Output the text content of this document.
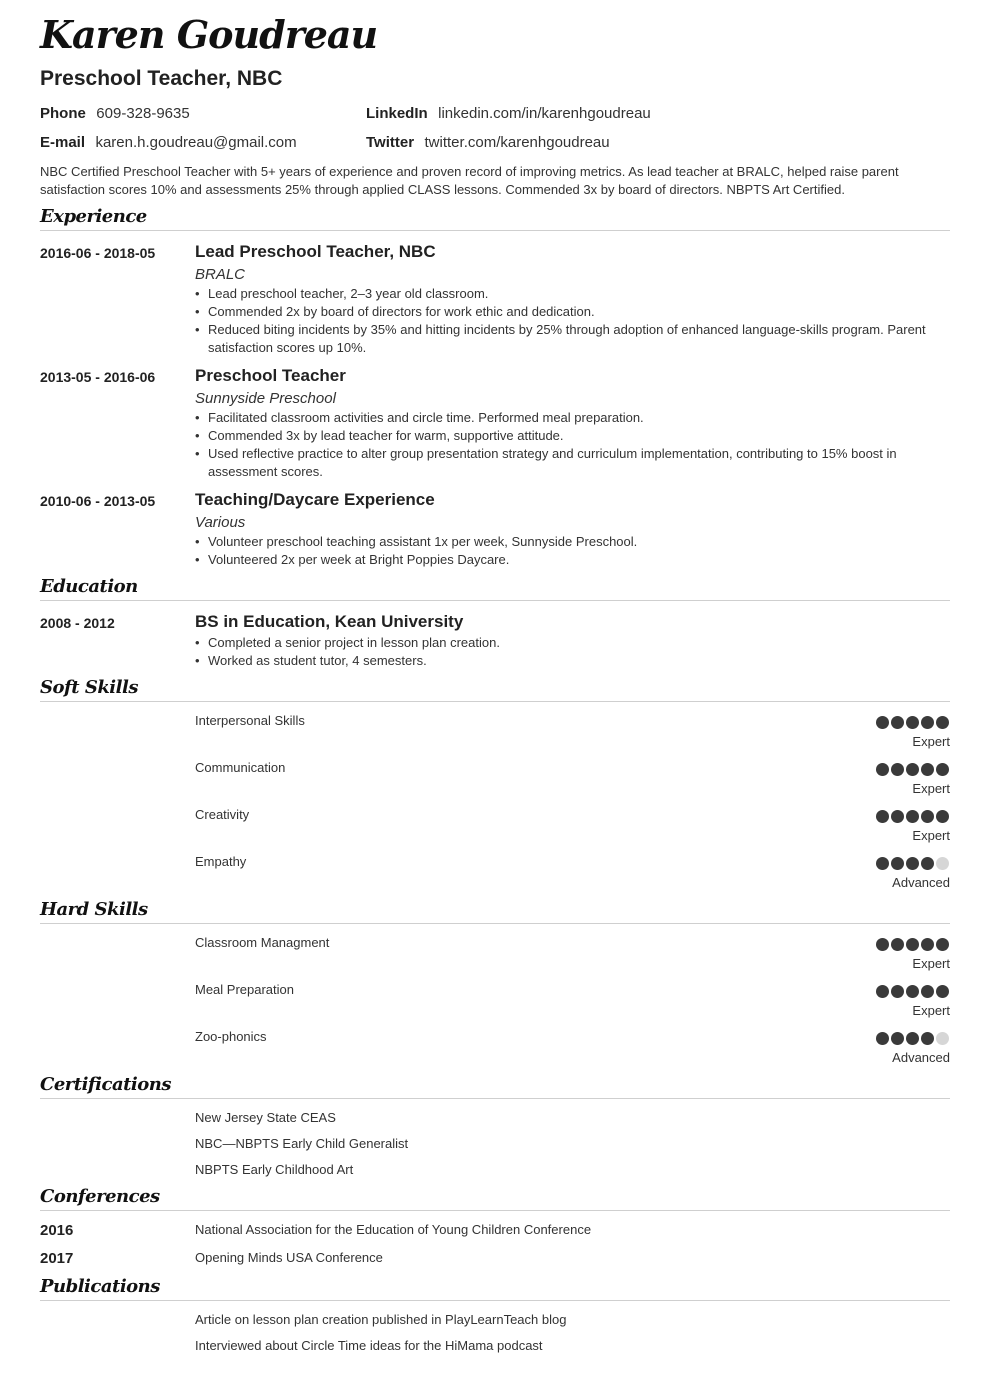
Karen Goudreau
Preschool Teacher, NBC
Phone 609-328-9635	LinkedIn linkedin.com/in/karenhgoudreau
E-mail karen.h.goudreau@gmail.com	Twitter twitter.com/karenhgoudreau
NBC Certified Preschool Teacher with 5+ years of experience and proven record of improving metrics. As lead teacher at BRALC, helped raise parent satisfaction scores 10% and assessments 25% through applied CLASS lessons. Commended 3x by board of directors. NBPTS Art Certified.
Experience
2016-06 - 2018-05 Lead Preschool Teacher, NBC
BRALC
• Lead preschool teacher, 2–3 year old classroom.
• Commended 2x by board of directors for work ethic and dedication.
• Reduced biting incidents by 35% and hitting incidents by 25% through adoption of enhanced language-skills program. Parent satisfaction scores up 10%.
2013-05 - 2016-06 Preschool Teacher
Sunnyside Preschool
• Facilitated classroom activities and circle time. Performed meal preparation.
• Commended 3x by lead teacher for warm, supportive attitude.
• Used reflective practice to alter group presentation strategy and curriculum implementation, contributing to 15% boost in assessment scores.
2010-06 - 2013-05 Teaching/Daycare Experience
Various
• Volunteer preschool teaching assistant 1x per week, Sunnyside Preschool.
• Volunteered 2x per week at Bright Poppies Daycare.
Education
2008 - 2012	BS in Education, Kean University
• Completed a senior project in lesson plan creation.
• Worked as student tutor, 4 semesters.
Soft Skills
Interpersonal Skills
Expert
Communication
Expert
Creativity
Expert
Empathy
Advanced
Hard Skills
Classroom Managment
Expert
Meal Preparation
Expert
Zoo-phonics
Advanced
Certifications
New Jersey State CEAS
NBC—NBPTS Early Child Generalist
NBPTS Early Childhood Art
Conferences
2016	National Association for the Education of Young Children Conference
2017	Opening Minds USA Conference
Publications
Article on lesson plan creation published in PlayLearnTeach blog
Interviewed about Circle Time ideas for the HiMama podcast
